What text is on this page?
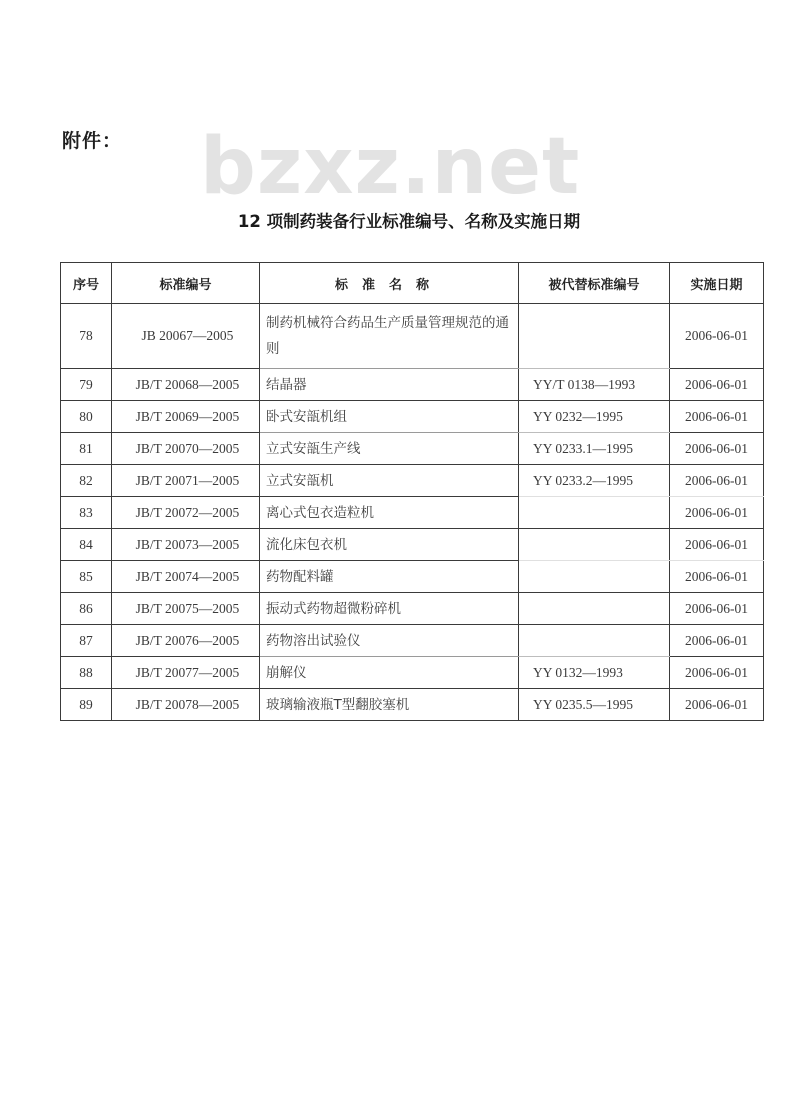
附件： bzxz.net
12 项制药装备行业标准编号、名称及实施日期
序号	标准编号	标准名称	被代替标准编号	实施日期
78	JB 20067—2005	制药机械符合药品生产质量管理规范的通则		2006-06-01
79	JB/T 20068—2005	结晶器	YY/T 0138—1993	2006-06-01
80	JB/T 20069—2005	卧式安瓿机组	YY 0232—1995	2006-06-01
81	JB/T 20070—2005	立式安瓿生产线	YY 0233.1—1995	2006-06-01
82	JB/T 20071—2005	立式安瓿机	YY 0233.2—1995	2006-06-01
83	JB/T 20072—2005	离心式包衣造粒机		2006-06-01
84	JB/T 20073—2005	流化床包衣机		2006-06-01
85	JB/T 20074—2005	药物配料罐		2006-06-01
86	JB/T 20075—2005	振动式药物超微粉碎机		2006-06-01
87	JB/T 20076—2005	药物溶出试验仪		2006-06-01
88	JB/T 20077—2005	崩解仪	YY 0132—1993	2006-06-01
89	JB/T 20078—2005	玻璃输液瓶T型翻胶塞机	YY 0235.5—1995	2006-06-01
